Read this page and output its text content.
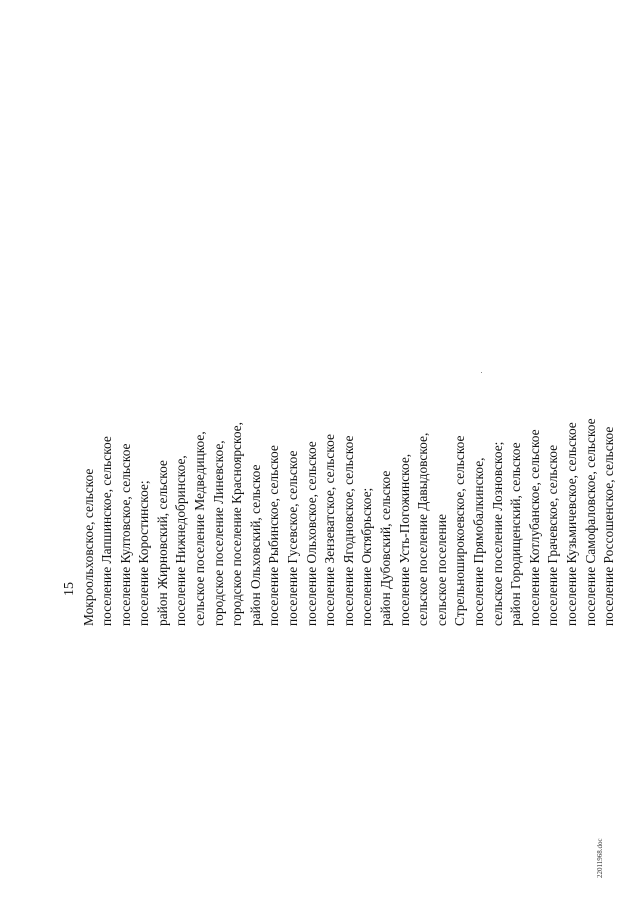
15 Мокроольховское, сельское поселение Лапшинское, сельское поселение Култовское, сельское поселение Коростинское; район Жирновский, сельское поселение Нижнедобринское, сельское поселение Медведицкое, городское поселение Линевское, городское поселение Красноярское, район Ольховский, сельское поселение Рыбинское, сельское поселение Гусевское, сельское поселение Ольховское, сельское поселение Зензеватское, сельское поселение Ягодновское, сельское поселение Октябрьское; район Дубовский, сельское поселение Усть-Погожинское, сельское поселение Давыдовское, сельское поселение Стрельноширокоевское, сельское поселение Прямобалкинское, сельское поселение Лозновское; район Городищенский, сельское поселение Котлубанское, сельское поселение Грачевское, сельское поселение Кузьмичевское, сельское поселение Самофаловское, сельское поселение Россошенское, сельское
22011968.doc
